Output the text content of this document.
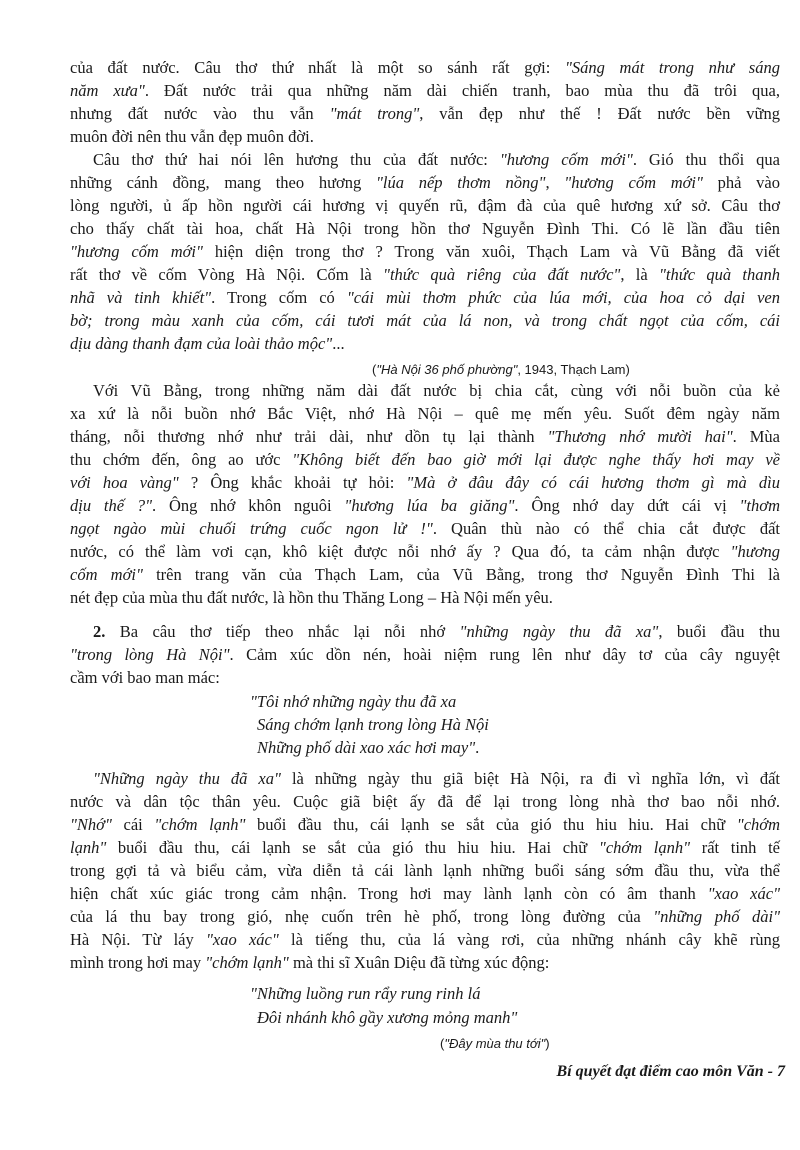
của đất nước. Câu thơ thứ nhất là một so sánh rất gợi: "Sáng mát trong như sáng
năm xưa". Đất nước trải qua những năm dài chiến tranh, bao mùa thu đã trôi qua,
nhưng đất nước vào thu vẫn "mát trong", vẫn đẹp như thế ! Đất nước bền vững
muôn đời nên thu vẫn đẹp muôn đời.
Câu thơ thứ hai nói lên hương thu của đất nước: "hương cốm mới". Gió thu thổi qua
những cánh đồng, mang theo hương "lúa nếp thơm nồng", "hương cốm mới" phả vào
lòng người, ủ ấp hồn người cái hương vị quyến rũ, đậm đà của quê hương xứ sở. Câu thơ
cho thấy chất tài hoa, chất Hà Nội trong hồn thơ Nguyễn Đình Thi. Có lẽ lần đầu tiên
"hương cốm mới" hiện diện trong thơ ? Trong văn xuôi, Thạch Lam và Vũ Bằng đã viết
rất thơ về cốm Vòng Hà Nội. Cốm là "thức quà riêng của đất nước", là "thức quà thanh
nhã và tinh khiết". Trong cốm có "cái mùi thơm phức của lúa mới, của hoa cỏ dại ven
bờ; trong màu xanh của cốm, cái tươi mát của lá non, và trong chất ngọt của cốm, cái
dịu dàng thanh đạm của loài thảo mộc"...
("Hà Nội 36 phố phường", 1943, Thạch Lam)
Với Vũ Bằng, trong những năm dài đất nước bị chia cắt, cùng với nỗi buồn của kẻ
xa xứ là nỗi buồn nhớ Bắc Việt, nhớ Hà Nội – quê mẹ mến yêu. Suốt đêm ngày năm
tháng, nỗi thương nhớ như trải dài, như dồn tụ lại thành "Thương nhớ mười hai". Mùa
thu chớm đến, ông ao ước "Không biết đến bao giờ mới lại được nghe thấy hơi may về
với hoa vàng" ? Ông khắc khoải tự hỏi: "Mà ở đâu đây có cái hương thơm gì mà dìu
dịu thế ?". Ông nhớ khôn nguôi "hương lúa ba giăng". Ông nhớ day dứt cái vị "thơm
ngọt ngào mùi chuối trứng cuốc ngon lử !". Quân thù nào có thể chia cắt được đất
nước, có thể làm vơi cạn, khô kiệt được nỗi nhớ ấy ? Qua đó, ta cảm nhận được "hương
cốm mới" trên trang văn của Thạch Lam, của Vũ Bằng, trong thơ Nguyễn Đình Thi là
nét đẹp của mùa thu đất nước, là hồn thu Thăng Long – Hà Nội mến yêu.
2. Ba câu thơ tiếp theo nhắc lại nỗi nhớ "những ngày thu đã xa", buổi đầu thu
"trong lòng Hà Nội". Cảm xúc dồn nén, hoài niệm rung lên như dây tơ của cây nguyệt
cầm với bao man mác:
"Tôi nhớ những ngày thu đã xa
Sáng chớm lạnh trong lòng Hà Nội
Những phố dài xao xác hơi may".
"Những ngày thu đã xa" là những ngày thu giã biệt Hà Nội, ra đi vì nghĩa lớn, vì đất
nước và dân tộc thân yêu. Cuộc giã biệt ấy đã để lại trong lòng nhà thơ bao nỗi nhớ.
"Nhớ" cái "chớm lạnh" buổi đầu thu, cái lạnh se sắt của gió thu hiu hiu. Hai chữ "chớm
lạnh" buổi đầu thu, cái lạnh se sắt của gió thu hiu hiu. Hai chữ "chớm lạnh" rất tinh tế
trong gợi tả và biểu cảm, vừa diễn tả cái lành lạnh những buổi sáng sớm đầu thu, vừa thể
hiện chất xúc giác trong cảm nhận. Trong hơi may lành lạnh còn có âm thanh "xao xác"
của lá thu bay trong gió, nhẹ cuốn trên hè phố, trong lòng đường của "những phố dài"
Hà Nội. Từ láy "xao xác" là tiếng thu, của lá vàng rơi, của những nhánh cây khẽ rùng
mình trong hơi may "chớm lạnh" mà thi sĩ Xuân Diệu đã từng xúc động:
"Những luồng run rẩy rung rinh lá
Đôi nhánh khô gầy xương mỏng manh"
("Đây mùa thu tới")
Bí quyết đạt điểm cao môn Văn - 7
